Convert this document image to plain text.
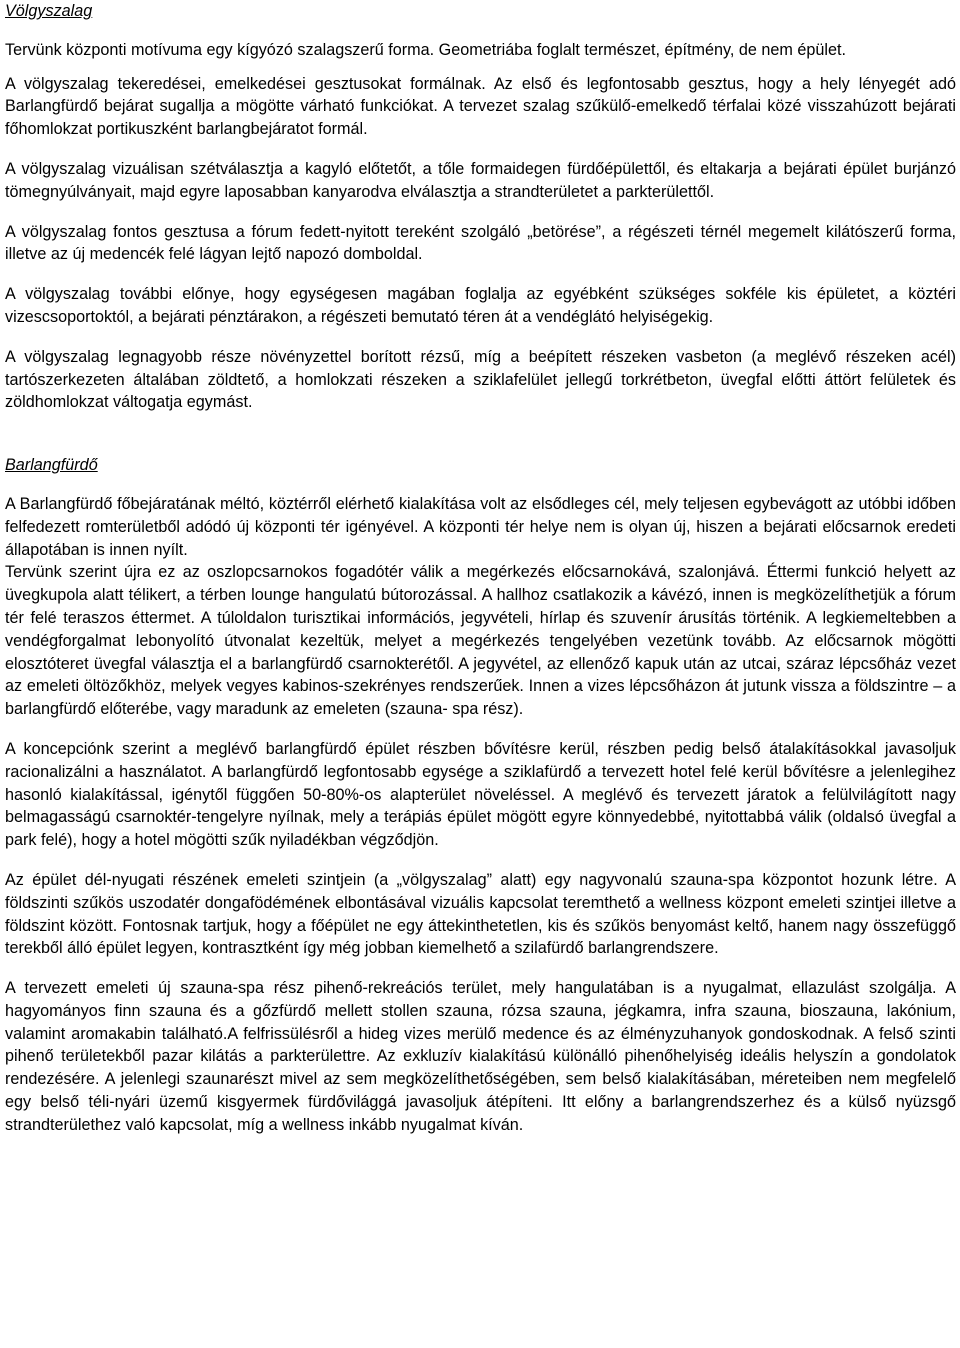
Völgyszalag

Tervünk központi motívuma egy kígyózó szalagszerű forma. Geometriába foglalt természet, építmény, de nem épület.

A völgyszalag tekeredései, emelkedései gesztusokat formálnak. Az első és legfontosabb gesztus, hogy a hely lényegét adó Barlangfürdő bejárat sugallja a mögötte várható funkciókat. A tervezet szalag szűkülő-emelkedő térfalai közé visszahúzott bejárati főhomlokzat portikuszként barlangbejáratot formál.

A völgyszalag vizuálisan szétválasztja a kagyló előtetőt, a tőle formaidegen fürdőépülettől, és eltakarja a bejárati épület burjánzó tömegnyúlványait, majd egyre laposabban kanyarodva elválasztja a strandterületet a parkterülettől.

A völgyszalag fontos gesztusa a fórum fedett-nyitott tereként szolgáló „betörése”, a régészeti térnél megemelt kilátószerű forma, illetve az új medencék felé lágyan lejtő napozó domboldal.

A völgyszalag további előnye, hogy egységesen magában foglalja az egyébként szükséges sokféle kis épületet, a köztéri vizescsoportoktól, a bejárati pénztárakon, a régészeti bemutató téren át a vendéglátó helyiségekig.

A völgyszalag legnagyobb része növényzettel borított rézsű, míg a beépített részeken vasbeton (a meglévő részeken acél) tartószerkezeten általában zöldtető, a homlokzati részeken a sziklafelület jellegű torkrétbeton, üvegfal előtti áttört felületek és zöldhomlokzat váltogatja egymást.

Barlangfürdő

A Barlangfürdő főbejáratának méltó, köztérről elérhető kialakítása volt az elsődleges cél, mely teljesen egybevágott az utóbbi időben felfedezett romterületből adódó új központi tér igényével. A központi tér helye nem is olyan új, hiszen a bejárati előcsarnok eredeti állapotában is innen nyílt.

Tervünk szerint újra ez az oszlopcsarnokos fogadótér válik a megérkezés előcsarnokává, szalonjává. Éttermi funkció helyett az üvegkupola alatt télikert, a térben lounge hangulatú bútorozással. A hallhoz csatlakozik a kávézó, innen is megközelíthetjük a fórum tér felé teraszos éttermet. A túloldalon turisztikai információs, jegyvételi, hírlap és szuvenír árusítás történik. A legkiemeltebben a vendégforgalmat lebonyolító útvonalat kezeltük, melyet a megérkezés tengelyében vezetünk tovább. Az előcsarnok mögötti elosztóteret üvegfal választja el a barlangfürdő csarnokterétől. A jegyvétel, az ellenőző kapuk után az utcai, száraz lépcsőház vezet az emeleti öltözőkhöz, melyek vegyes kabinos-szekrényes rendszerűek. Innen a vizes lépcsőházon át jutunk vissza a földszintre – a barlangfürdő előterébe, vagy maradunk az emeleten (szauna- spa rész).

A koncepciónk szerint a meglévő barlangfürdő épület részben bővítésre kerül, részben pedig belső átalakításokkal javasoljuk racionalizálni a használatot. A barlangfürdő legfontosabb egysége a sziklafürdő a tervezett hotel felé kerül bővítésre a jelenlegihez hasonló kialakítással, igénytől függően 50-80%-os alapterület növeléssel. A meglévő és tervezett járatok a felülvilágított nagy belmagasságú csarnoktér-tengelyre nyílnak, mely a terápiás épület mögött egyre könnyedebbé, nyitottabbá válik (oldalsó üvegfal a park felé), hogy a hotel mögötti szűk nyiladékban végződjön.

Az épület dél-nyugati részének emeleti szintjein (a „völgyszalag” alatt) egy nagyvonalú szauna-spa központot hozunk létre. A földszinti szűkös uszodatér dongafödémének elbontásával vizuális kapcsolat teremthető a wellness központ emeleti szintjei illetve a földszint között. Fontosnak tartjuk, hogy a főépület ne egy áttekinthetetlen, kis és szűkös benyomást keltő, hanem nagy összefüggő terekből álló épület legyen, kontrasztként így még jobban kiemelhető a szilafürdő barlangrendszere.

A tervezett emeleti új szauna-spa rész pihenő-rekreációs terület, mely hangulatában is a nyugalmat, ellazulást szolgálja. A hagyományos finn szauna és a gőzfürdő mellett stollen szauna, rózsa szauna, jégkamra, infra szauna, bioszauna, lakónium, valamint aromakabin található.A felfrissülésről a hideg vizes merülő medence és az élményzuhanyok gondoskodnak. A felső szinti pihenő területekből pazar kilátás a parkterülettre. Az exkluzív kialakítású különálló pihenőhelyiség ideális helyszín a gondolatok rendezésére. A jelenlegi szaunarészt mivel az sem megközelíthetőségében, sem belső kialakításában, méreteiben nem megfelelő egy belső téli-nyári üzemű kisgyermek fürdővilággá javasoljuk átépíteni. Itt előny a barlangrendszerhez és a külső nyüzsgő strandterülethez való kapcsolat, míg a wellness inkább nyugalmat kíván.
